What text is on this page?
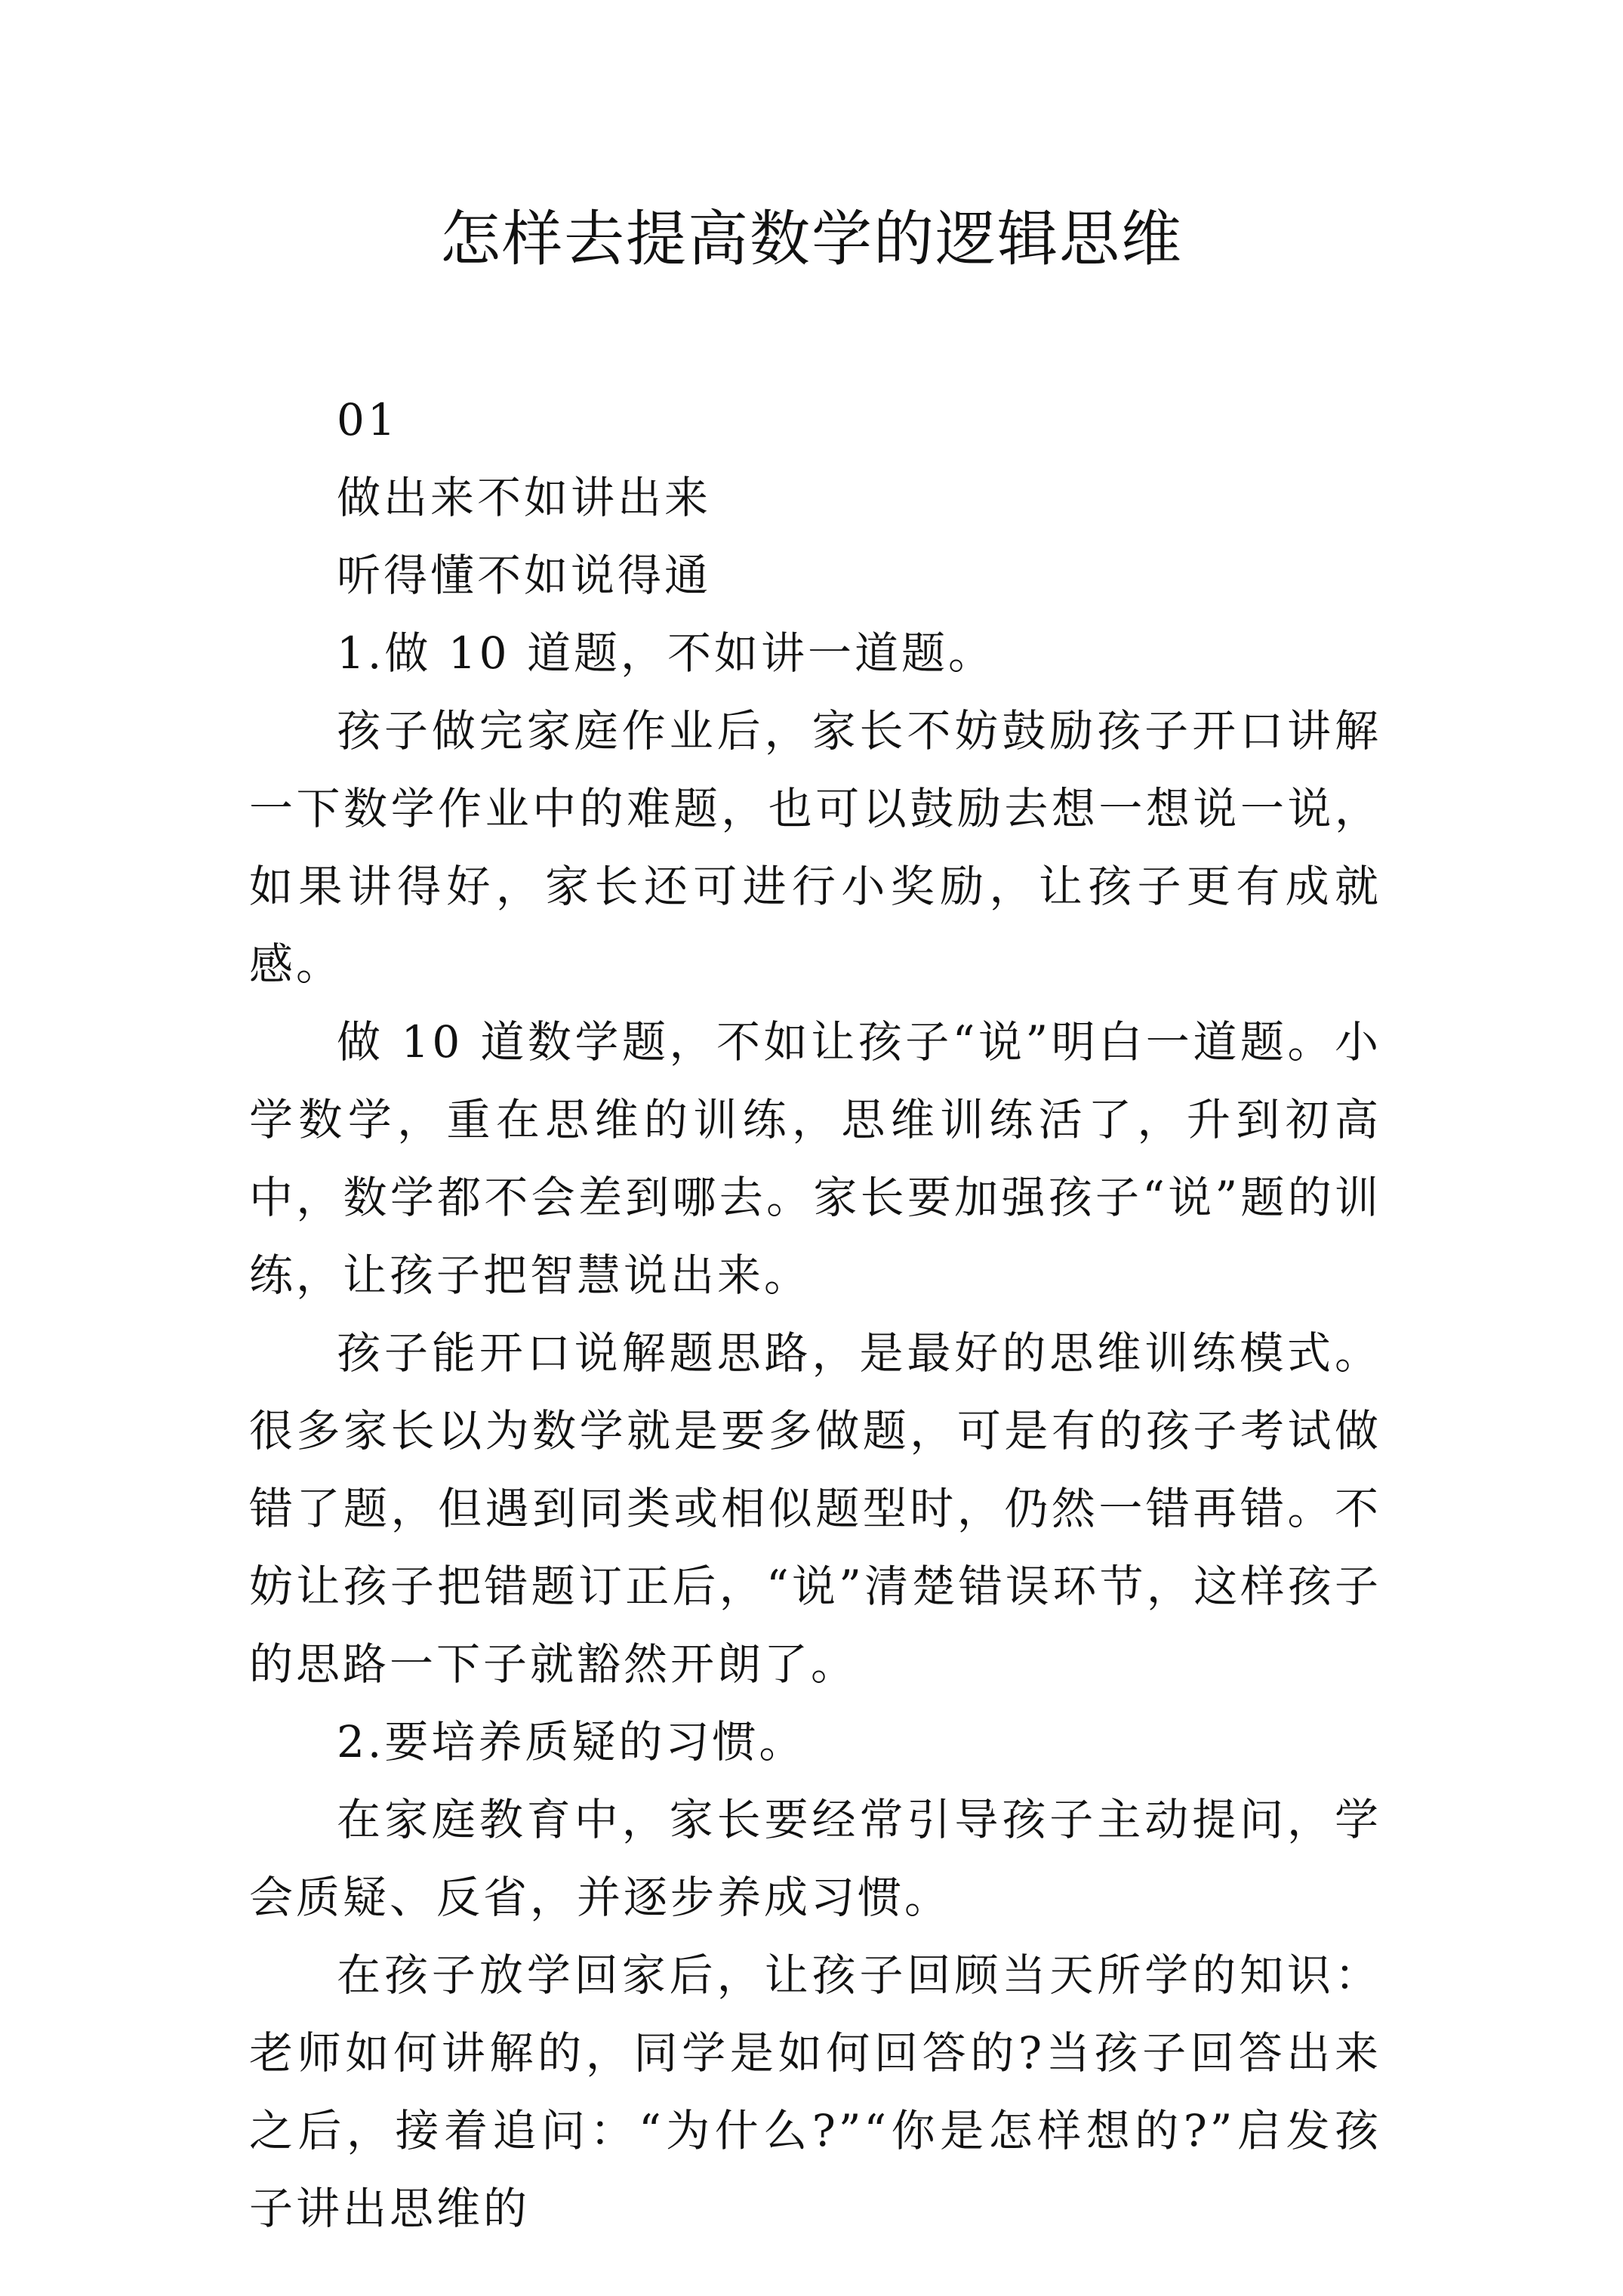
怎样去提高数学的逻辑思维

01

做出来不如讲出来

听得懂不如说得通

1.做 10 道题，不如讲一道题。

孩子做完家庭作业后，家长不妨鼓励孩子开口讲解一下数学作业中的难题，也可以鼓励去想一想说一说，如果讲得好，家长还可进行小奖励，让孩子更有成就感。

做 10 道数学题，不如让孩子“说”明白一道题。小学数学，重在思维的训练，思维训练活了，升到初高中，数学都不会差到哪去。家长要加强孩子“说”题的训练，让孩子把智慧说出来。

孩子能开口说解题思路，是最好的思维训练模式。很多家长以为数学就是要多做题，可是有的孩子考试做错了题，但遇到同类或相似题型时，仍然一错再错。不妨让孩子把错题订正后，“说”清楚错误环节，这样孩子的思路一下子就豁然开朗了。

2.要培养质疑的习惯。

在家庭教育中，家长要经常引导孩子主动提问，学会质疑、反省，并逐步养成习惯。

在孩子放学回家后，让孩子回顾当天所学的知识：老师如何讲解的，同学是如何回答的?当孩子回答出来之后，接着追问：“为什么?”“你是怎样想的?”启发孩子讲出思维的
